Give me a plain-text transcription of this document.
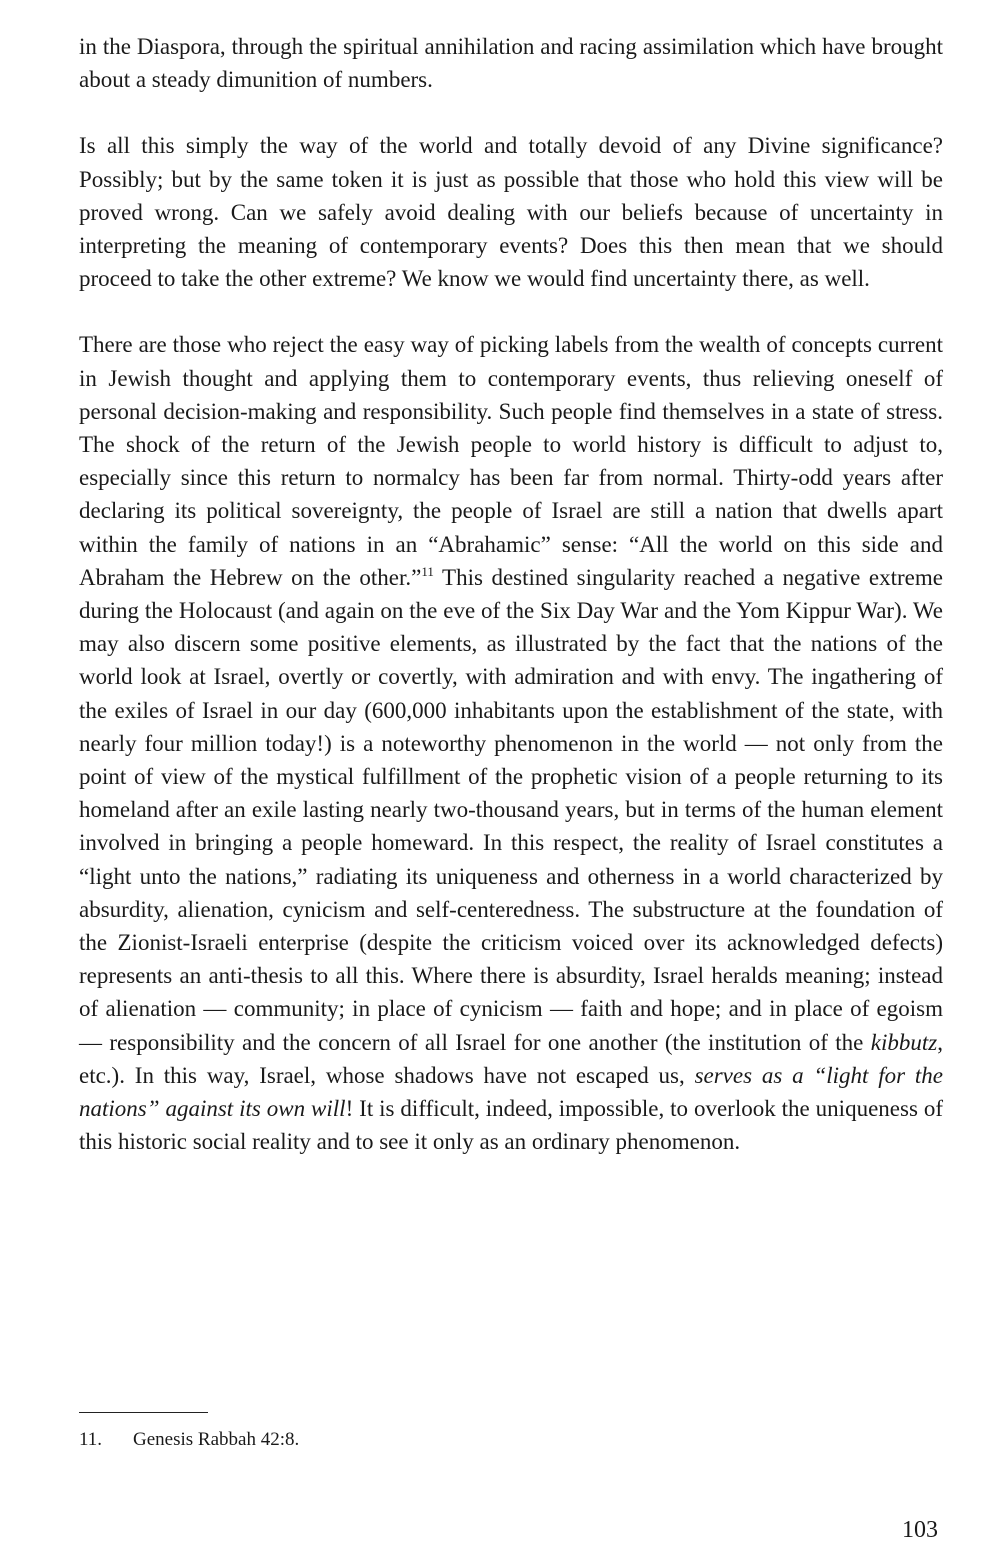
in the Diaspora, through the spiritual annihilation and racing assimilation which have brought about a steady dimunition of numbers.

Is all this simply the way of the world and totally devoid of any Divine significance? Possibly; but by the same token it is just as possible that those who hold this view will be proved wrong. Can we safely avoid dealing with our beliefs because of uncertainty in interpreting the meaning of contemporary events? Does this then mean that we should proceed to take the other extreme? We know we would find uncertainty there, as well.

There are those who reject the easy way of picking labels from the wealth of concepts current in Jewish thought and applying them to contemporary events, thus relieving oneself of personal decision-making and responsibility. Such people find themselves in a state of stress. The shock of the return of the Jewish people to world history is difficult to adjust to, especially since this return to normalcy has been far from normal. Thirty-odd years after declaring its political sovereignty, the people of Israel are still a nation that dwells apart within the family of nations in an “Abrahamic” sense: “All the world on this side and Abraham the Hebrew on the other.”$^{11}$ This destined singularity reached a negative extreme during the Holocaust (and again on the eve of the Six Day War and the Yom Kippur War). We may also discern some positive elements, as illustrated by the fact that the nations of the world look at Israel, overtly or covertly, with admiration and with envy. The ingathering of the exiles of Israel in our day (600,000 inhabitants upon the establishment of the state, with nearly four million today!) is a noteworthy phenomenon in the world — not only from the point of view of the mystical fulfillment of the prophetic vision of a people returning to its homeland after an exile lasting nearly two-thousand years, but in terms of the human element involved in bringing a people homeward. In this respect, the reality of Israel constitutes a “light unto the nations,” radiating its uniqueness and otherness in a world characterized by absurdity, alienation, cynicism and self-centeredness. The substructure at the foundation of the Zionist-Israeli enterprise (despite the criticism voiced over its acknowledged defects) represents an anti-thesis to all this. Where there is absurdity, Israel heralds meaning; instead of alienation — community; in place of cynicism — faith and hope; and in place of egoism — responsibility and the concern of all Israel for one another (the institution of the kibbutz, etc.). In this way, Israel, whose shadows have not escaped us, serves as a “light for the nations” against its own will! It is difficult, indeed, impossible, to overlook the uniqueness of this historic social reality and to see it only as an ordinary phenomenon.

11. Genesis Rabbah 42:8.
103
